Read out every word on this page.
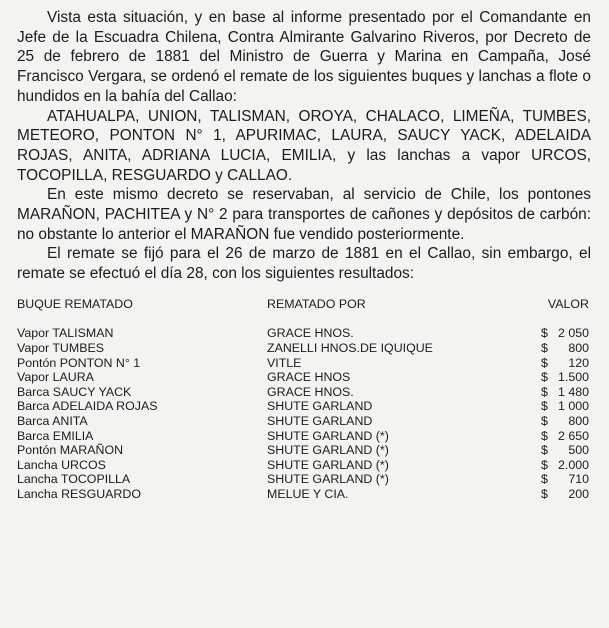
Vista esta situación, y en base al informe presentado por el Comandante en Jefe de la Escuadra Chilena, Contra Almirante Galvarino Riveros, por Decreto de 25 de febrero de 1881 del Ministro de Guerra y Marina en Campaña, José Francisco Vergara, se ordenó el remate de los siguientes buques y lanchas a flote o hundidos en la bahía del Callao:

ATAHUALPA, UNION, TALISMAN, OROYA, CHALACO, LIMEÑA, TUMBES, METEORO, PONTON N° 1, APURIMAC, LAURA, SAUCY YACK, ADELAIDA ROJAS, ANITA, ADRIANA LUCIA, EMILIA, y las lanchas a vapor URCOS, TOCOPILLA, RESGUARDO y CALLAO.

En este mismo decreto se reservaban, al servicio de Chile, los pontones MARAÑON, PACHITEA y N° 2 para transportes de cañones y depósitos de carbón: no obstante lo anterior el MARAÑON fue vendido posteriormente.

El remate se fijó para el 26 de marzo de 1881 en el Callao, sin embargo, el remate se efectuó el día 28, con los siguientes resultados:

BUQUE REMATADO	REMATADO POR	VALOR
Vapor TALISMAN	GRACE HNOS.	$ 2 050
Vapor TUMBES	ZANELLI HNOS.DE IQUIQUE	$ 800
Pontón PONTON N° 1	VITLE	$ 120
Vapor LAURA	GRACE HNOS	$ 1.500
Barca SAUCY YACK	GRACE HNOS.	$ 1 480
Barca ADELAIDA ROJAS	SHUTE GARLAND	$ 1 000
Barca ANITA	SHUTE GARLAND	$ 800
Barca EMILIA	SHUTE GARLAND (*)	$ 2 650
Pontón MARAÑON	SHUTE GARLAND (*)	$ 500
Lancha URCOS	SHUTE GARLAND (*)	$ 2.000
Lancha TOCOPILLA	SHUTE GARLAND (*)	$ 710
Lancha RESGUARDO	MELUE Y CIA.	$ 200
